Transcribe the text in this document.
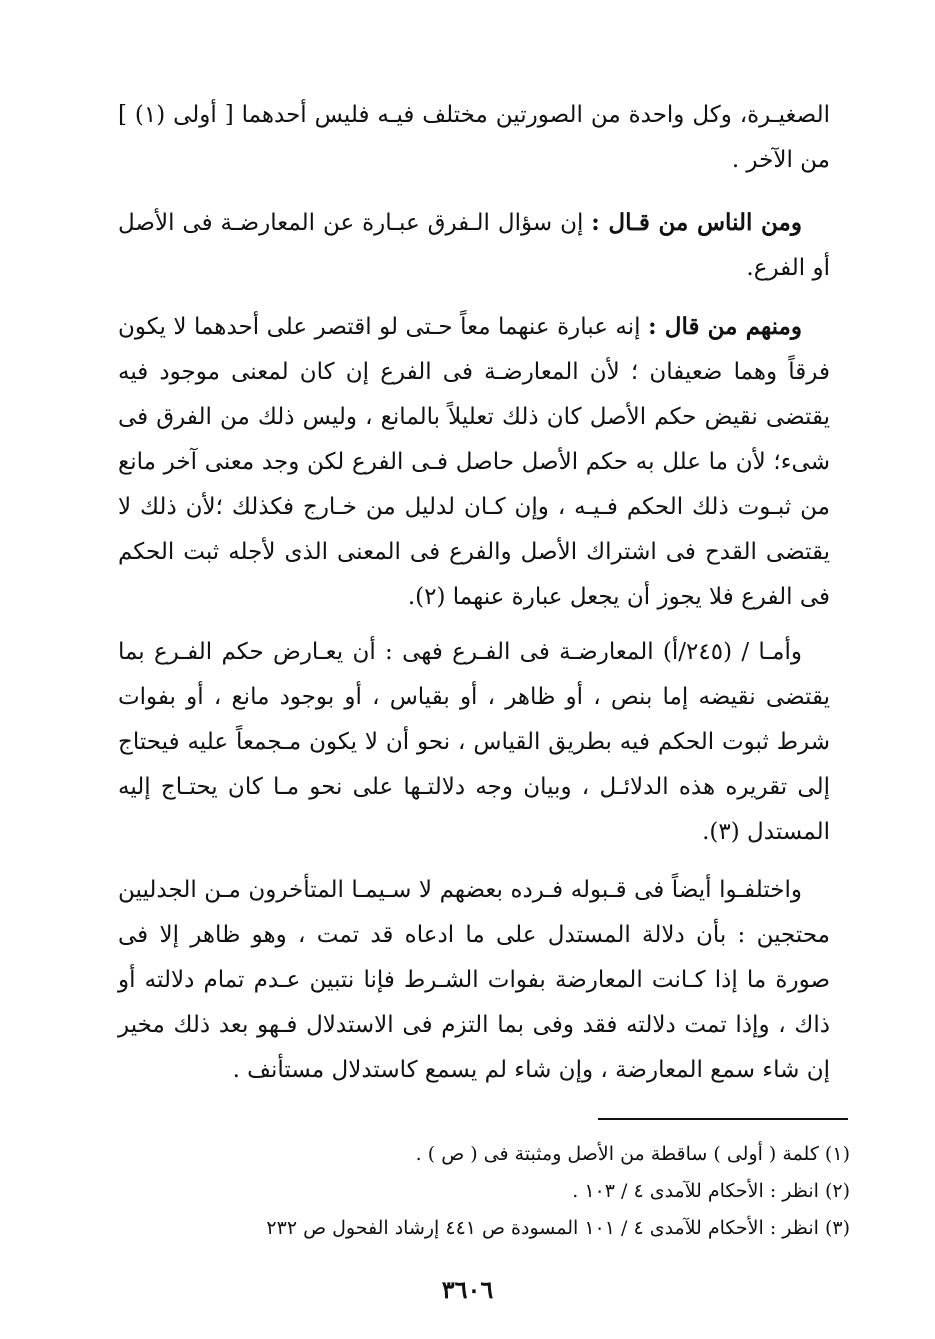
الصغيـرة، وكل واحدة من الصورتين مختلف فيـه فليس أحدهما [ أولى (١) ] من الآخر .

ومن الناس من قـال : إن سؤال الـفرق عبـارة عن المعارضـة فى الأصل أو الفرع.

ومنهم من قال : إنه عبارة عنهما معاً حـتى لو اقتصر على أحدهما لا يكون فرقاً وهما ضعيفان ؛ لأن المعارضـة فى الفرع إن كان لمعنى موجود فيه يقتضى نقيض حكم الأصل كان ذلك تعليلاً بالمانع ، وليس ذلك من الفرق فى شىء؛ لأن ما علل به حكم الأصل حاصل فـى الفرع لكن وجد معنى آخر مانع من ثبـوت ذلك الحكم فـيـه ، وإن كـان لدليل من خـارج فكذلك ؛لأن ذلك لا يقتضى القدح فى اشتراك الأصل والفرع فى المعنى الذى لأجله ثبت الحكم فى الفرع فلا يجوز أن يجعل عبارة عنهما (٢).

وأمـا / (٢٤٥/أ) المعارضـة فى الفـرع فهى : أن يعـارض حكم الفـرع بما يقتضى نقيضه إما بنص ، أو ظاهر ، أو بقياس ، أو بوجود مانع ، أو بفوات شرط ثبوت الحكم فيه بطريق القياس ، نحو أن لا يكون مـجمعاً عليه فيحتاج إلى تقريره هذه الدلائـل ، وبيان وجه دلالتـها على نحو مـا كان يحتـاج إليه المستدل (٣).

واختلفـوا أيضاً فى قـبوله فـرده بعضهم لا سـيمـا المتأخرون مـن الجدليين محتجين : بأن دلالة المستدل على ما ادعاه قد تمت ، وهو ظاهر إلا فى صورة ما إذا كـانت المعارضة بفوات الشـرط فإنا نتبين عـدم تمام دلالته أو ذاك ، وإذا تمت دلالته فقد وفى بما التزم فى الاستدلال فـهو بعد ذلك مخير إن شاء سمع المعارضة ، وإن شاء لم يسمع كاستدلال مستأنف .

(١) كلمة ( أولى ) ساقطة من الأصل ومثبتة فى ( ص ) .

(٢) انظر : الأحكام للآمدى ٤ / ١٠٣ .

(٣) انظر : الأحكام للآمدى ٤ / ١٠١ المسودة ص ٤٤١ إرشاد الفحول ص ٢٣٢

٣٦٠٦
